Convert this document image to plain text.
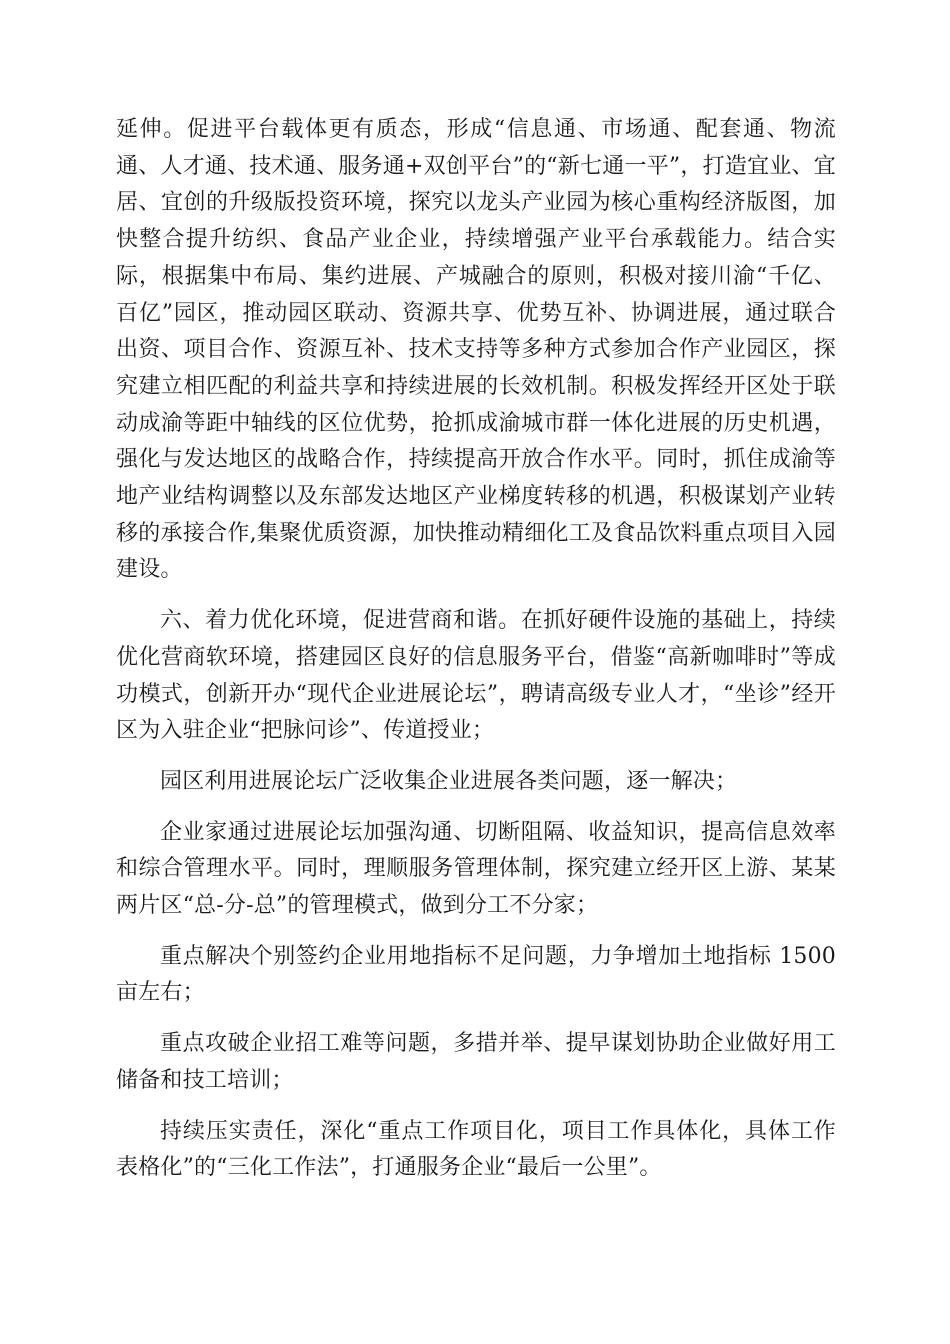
延伸。促进平台载体更有质态，形成“信息通、市场通、配套通、物流通、人才通、技术通、服务通+双创平台”的“新七通一平”，打造宜业、宜居、宜创的升级版投资环境，探究以龙头产业园为核心重构经济版图，加快整合提升纺织、食品产业企业，持续增强产业平台承载能力。结合实际，根据集中布局、集约进展、产城融合的原则，积极对接川渝“千亿、百亿”园区，推动园区联动、资源共享、优势互补、协调进展，通过联合出资、项目合作、资源互补、技术支持等多种方式参加合作产业园区，探究建立相匹配的利益共享和持续进展的长效机制。积极发挥经开区处于联动成渝等距中轴线的区位优势，抢抓成渝城市群一体化进展的历史机遇，强化与发达地区的战略合作，持续提高开放合作水平。同时，抓住成渝等地产业结构调整以及东部发达地区产业梯度转移的机遇，积极谋划产业转移的承接合作,集聚优质资源，加快推动精细化工及食品饮料重点项目入园建设。

六、着力优化环境，促进营商和谐。在抓好硬件设施的基础上，持续优化营商软环境，搭建园区良好的信息服务平台，借鉴“高新咖啡时”等成功模式，创新开办“现代企业进展论坛”，聘请高级专业人才，“坐诊”经开区为入驻企业“把脉问诊”、传道授业；

园区利用进展论坛广泛收集企业进展各类问题，逐一解决；

企业家通过进展论坛加强沟通、切断阻隔、收益知识，提高信息效率和综合管理水平。同时，理顺服务管理体制，探究建立经开区上游、某某两片区“总-分-总”的管理模式，做到分工不分家；

重点解决个别签约企业用地指标不足问题，力争增加土地指标 1500 亩左右；

重点攻破企业招工难等问题，多措并举、提早谋划协助企业做好用工储备和技工培训；

持续压实责任，深化“重点工作项目化，项目工作具体化，具体工作表格化”的“三化工作法”，打通服务企业“最后一公里”。
